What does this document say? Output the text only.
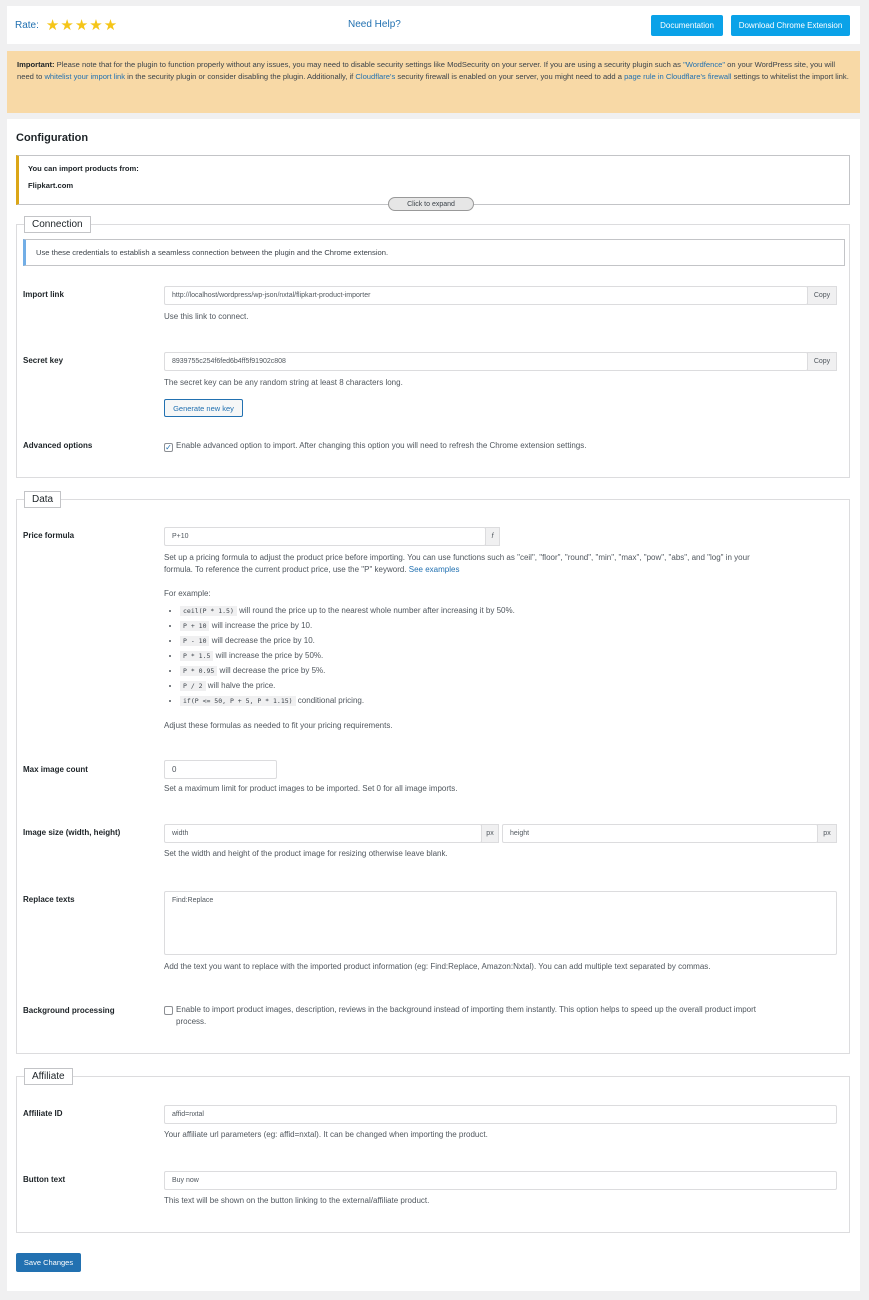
Rate: ★ ★ ★ ★ ★	Need Help?	Documentation	Download Chrome Extension
Important: Please note that for the plugin to function properly without any issues, you may need to disable security settings like ModSecurity on your server. If you are using a security plugin such as "Wordfence" on your WordPress site, you will need to whitelist your import link in the security plugin or consider disabling the plugin. Additionally, if Cloudflare's security firewall is enabled on your server, you might need to add a page rule in Cloudflare's firewall settings to whitelist the import link.
Configuration
You can import products from:
Flipkart.com
Click to expand
Connection
Use these credentials to establish a seamless connection between the plugin and the Chrome extension.
Import link	http://localhost/wordpress/wp-json/nxtal/flipkart-product-importer	Copy
Use this link to connect.
Secret key	8939755c254f6fed6b4ff5f91902c808	Copy
The secret key can be any random string at least 8 characters long.
Generate new key
Advanced options	✓ Enable advanced option to import. After changing this option you will need to refresh the Chrome extension settings.
Data
Price formula	P+10	f
Set up a pricing formula to adjust the product price before importing. You can use functions such as "ceil", "floor", "round", "min", "max", "pow", "abs", and "log" in your
formula. To reference the current product price, use the "P" keyword. See examples
For example:
• ceil(P * 1.5) will round the price up to the nearest whole number after increasing it by 50%.
• P + 10 will increase the price by 10.
• P - 10 will decrease the price by 10.
• P * 1.5 will increase the price by 50%.
• P * 0.95 will decrease the price by 5%.
• P / 2 will halve the price.
• if(P <= 50, P + 5, P * 1.15) conditional pricing.
Adjust these formulas as needed to fit your pricing requirements.
Max image count	0
Set a maximum limit for product images to be imported. Set 0 for all image imports.
Image size (width, height)	width	px	height	px
Set the width and height of the product image for resizing otherwise leave blank.
Replace texts	Find:Replace
Add the text you want to replace with the imported product information (eg: Find:Replace, Amazon:Nxtal). You can add multiple text separated by commas.
Background processing	Enable to import product images, description, reviews in the background instead of importing them instantly. This option helps to speed up the overall product import
process.
Affiliate
Affiliate ID	affid=nxtal
Your affiliate url parameters (eg: affid=nxtal). It can be changed when importing the product.
Button text	Buy now
This text will be shown on the button linking to the external/affiliate product.
Save Changes
